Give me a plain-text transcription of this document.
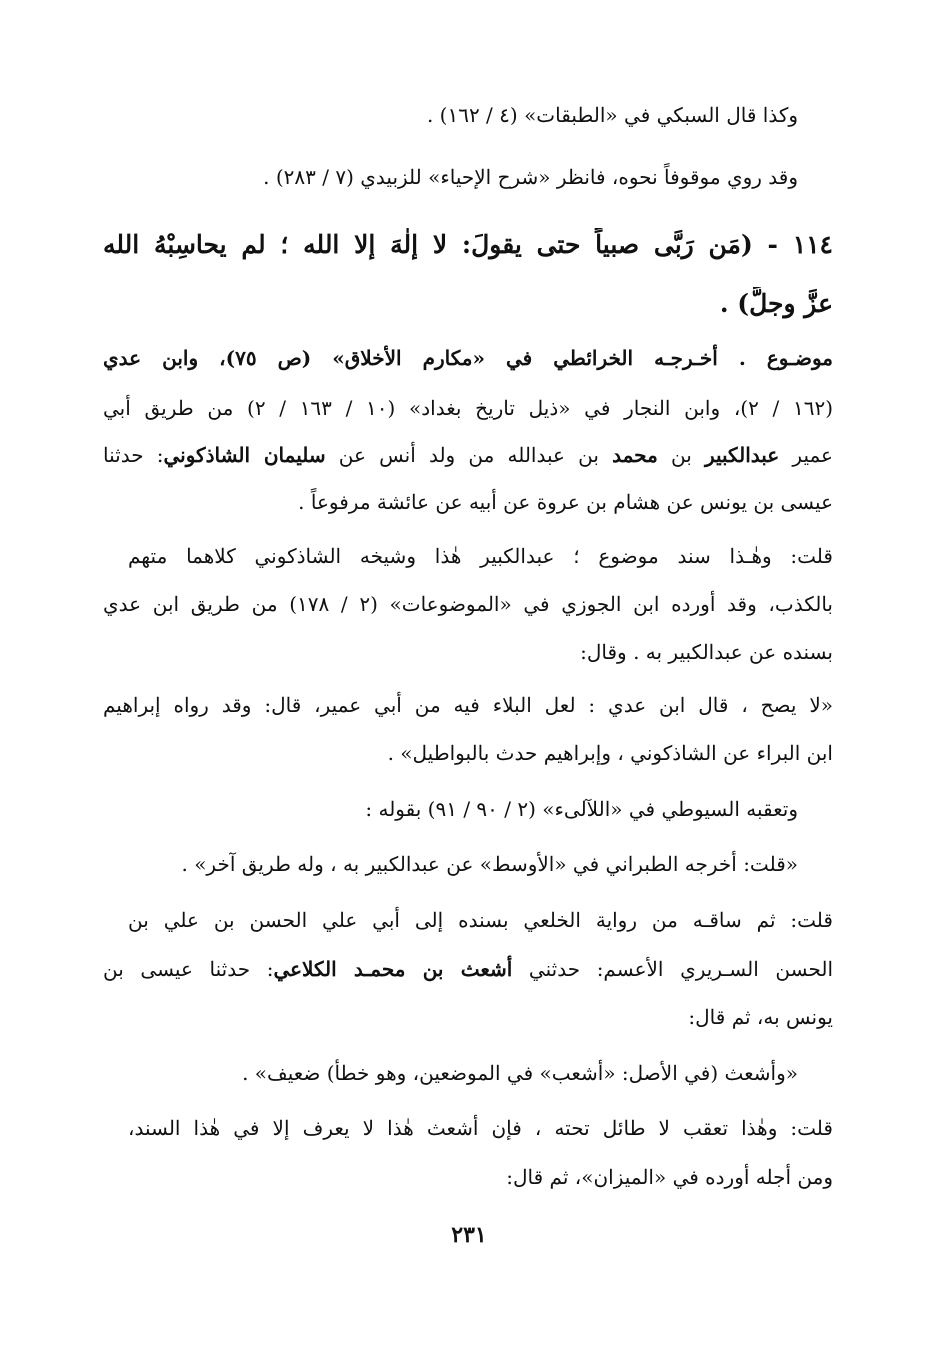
وكذا قال السبكي في «الطبقات» (٤ / ١٦٢) .
وقد روي موقوفاً نحوه، فانظر «شرح الإحياء» للزبيدي (٧ / ٢٨٣) .
١١٤ - (مَن رَبَّى صبياً حتى يقولَ: لا إلٰهَ إلا الله ؛ لم يحاسِبْهُ الله
عزَّ وجلَّ) .
موضـوع . أخـرجـه الخرائطي في «مكارم الأخلاق» (ص ٧٥)، وابن عدي
(١٦٢ / ٢)، وابن النجار في «ذيل تاريخ بغداد» (١٠ / ١٦٣ / ٢) من طريق أبي
عمير عبدالكبير بن محمد بن عبدالله من ولد أنس عن سليمان الشاذكوني: حدثنا
عيسى بن يونس عن هشام بن عروة عن أبيه عن عائشة مرفوعاً .
قلت: وهٰـذا سند موضوع ؛ عبدالكبير هٰذا وشيخه الشاذكوني كلاهما متهم
بالكذب، وقد أورده ابن الجوزي في «الموضوعات» (٢ / ١٧٨) من طريق ابن عدي
بسنده عن عبدالكبير به . وقال:
«لا يصح ، قال ابن عدي : لعل البلاء فيه من أبي عمير، قال: وقد رواه إبراهيم
ابن البراء عن الشاذكوني ، وإبراهيم حدث بالبواطيل» .
وتعقبه السيوطي في «اللآلىء» (٢ / ٩٠ / ٩١) بقوله :
«قلت: أخرجه الطبراني في «الأوسط» عن عبدالكبير به ، وله طريق آخر» .
قلت: ثم ساقـه من رواية الخلعي بسنده إلى أبي علي الحسن بن علي بن
الحسن السـريري الأعسم: حدثني أشعث بن محمـد الكلاعي: حدثنا عيسى بن
يونس به، ثم قال:
«وأشعث (في الأصل: «أشعب» في الموضعين، وهو خطأ) ضعيف» .
قلت: وهٰذا تعقب لا طائل تحته ، فإن أشعث هٰذا لا يعرف إلا في هٰذا السند،
ومن أجله أورده في «الميزان»، ثم قال:
٢٣١
